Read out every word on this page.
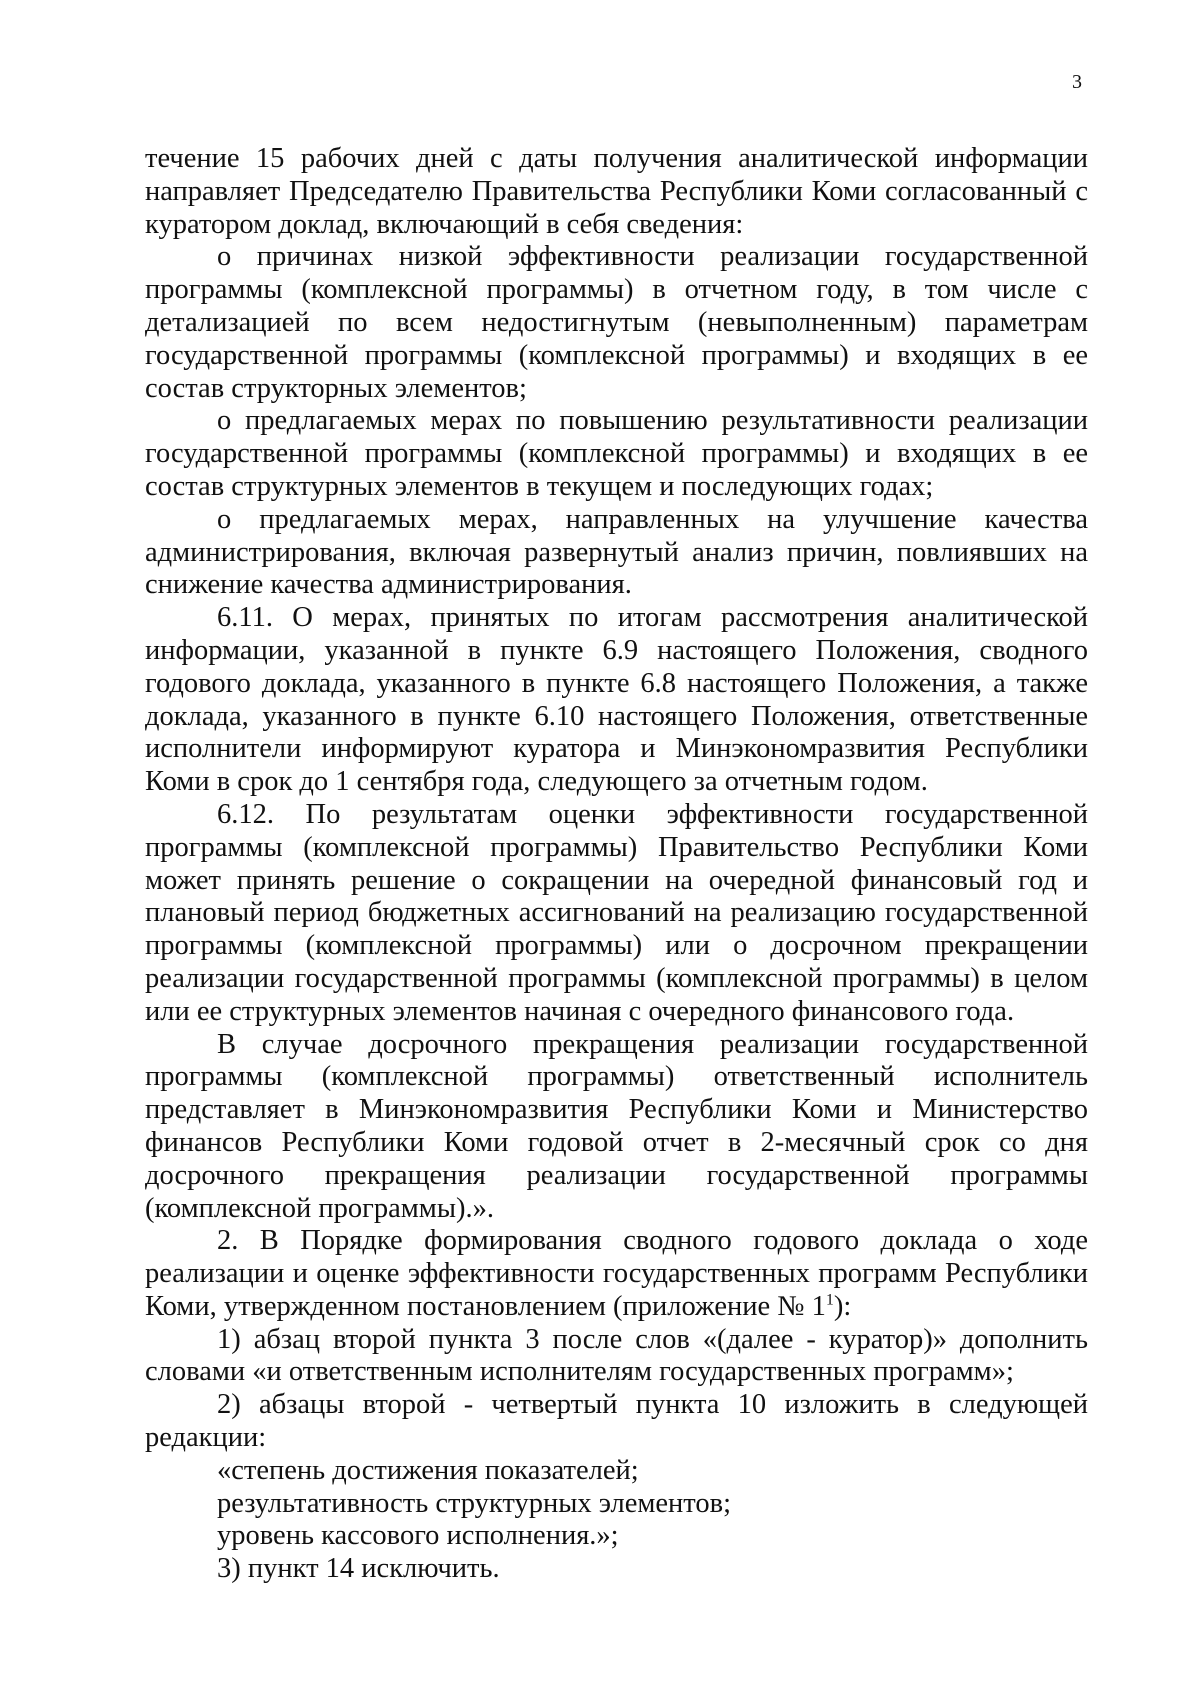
3

течение 15 рабочих дней с даты получения аналитической информации направляет Председателю Правительства Республики Коми согласованный с куратором доклад, включающий в себя сведения:

о причинах низкой эффективности реализации государственной программы (комплексной программы) в отчетном году, в том числе с детализацией по всем недостигнутым (невыполненным) параметрам государственной программы (комплексной программы) и входящих в ее состав структорных элементов;

о предлагаемых мерах по повышению результативности реализации государственной программы (комплексной программы) и входящих в ее состав структурных элементов в текущем и последующих годах;

о предлагаемых мерах, направленных на улучшение качества администрирования, включая развернутый анализ причин, повлиявших на снижение качества администрирования.

6.11. О мерах, принятых по итогам рассмотрения аналитической информации, указанной в пункте 6.9 настоящего Положения, сводного годового доклада, указанного в пункте 6.8 настоящего Положения, а также доклада, указанного в пункте 6.10 настоящего Положения, ответственные исполнители информируют куратора и Минэкономразвития Республики Коми в срок до 1 сентября года, следующего за отчетным годом.

6.12. По результатам оценки эффективности государственной программы (комплексной программы) Правительство Республики Коми может принять решение о сокращении на очередной финансовый год и плановый период бюджетных ассигнований на реализацию государственной программы (комплексной программы) или о досрочном прекращении реализации государственной программы (комплексной программы) в целом или ее структурных элементов начиная с очередного финансового года.

В случае досрочного прекращения реализации государственной программы (комплексной программы) ответственный исполнитель представляет в Минэкономразвития Республики Коми и Министерство финансов Республики Коми годовой отчет в 2-месячный срок со дня досрочного прекращения реализации государственной программы (комплексной программы).».

2. В Порядке формирования сводного годового доклада о ходе реализации и оценке эффективности государственных программ Республики Коми, утвержденном постановлением (приложение № $1^1$):

1) абзац второй пункта 3 после слов «(далее - куратор)» дополнить словами «и ответственным исполнителям государственных программ»;

2) абзацы второй - четвертый пункта 10 изложить в следующей редакции:

«степень достижения показателей;

результативность структурных элементов;

уровень кассового исполнения.»;

3) пункт 14 исключить.
